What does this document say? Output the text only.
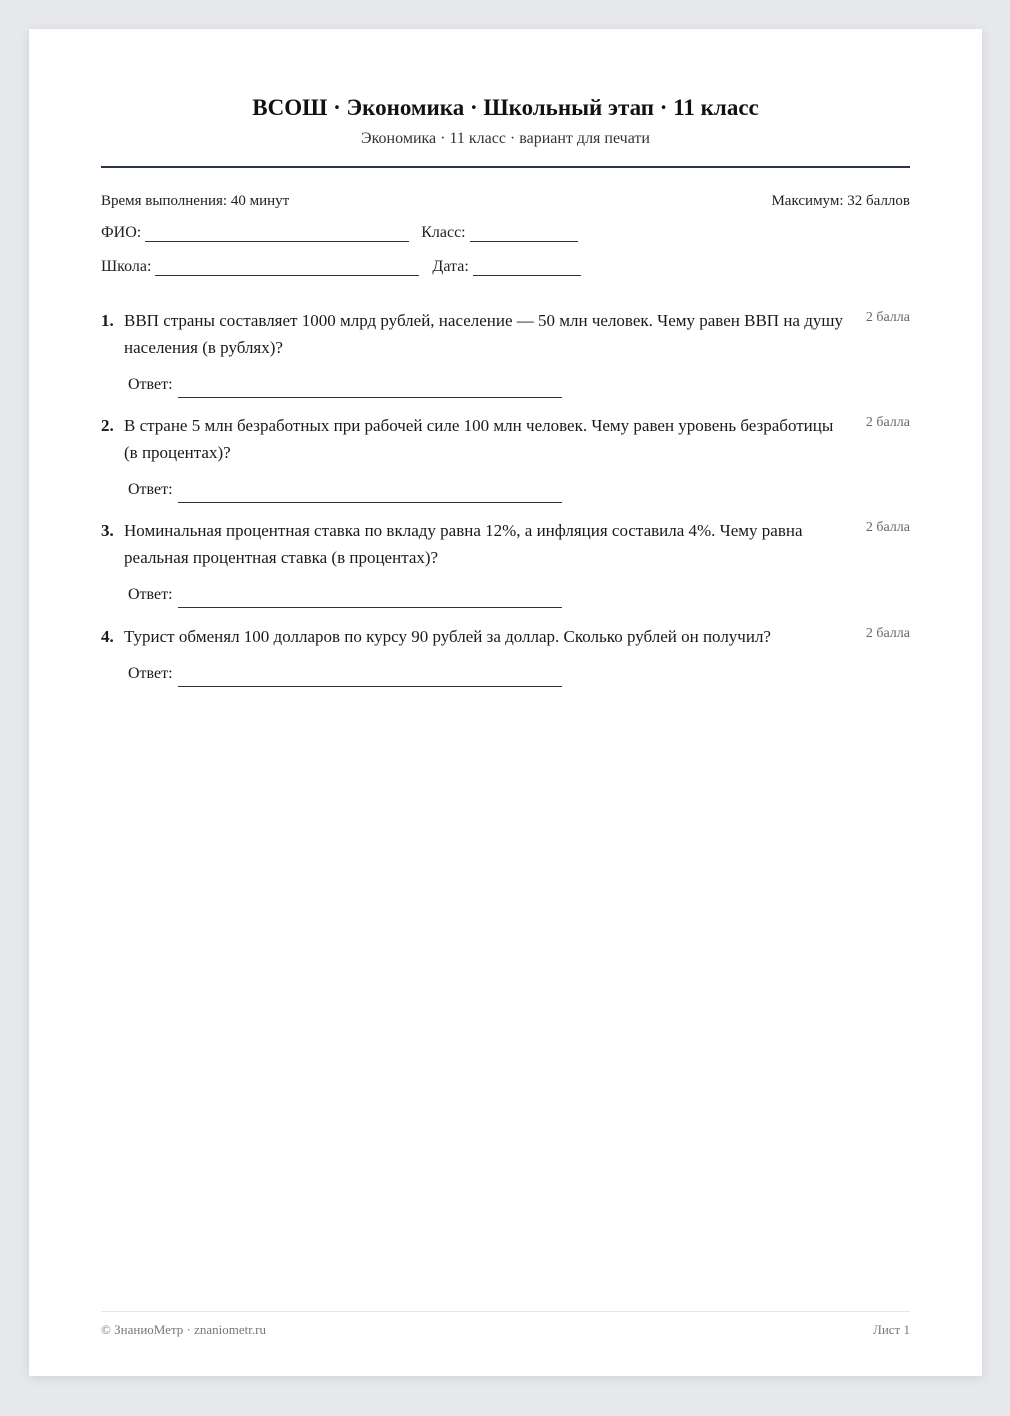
ВСОШ · Экономика · Школьный этап · 11 класс
Экономика · 11 класс · вариант для печати
Время выполнения: 40 минут	Максимум: 32 баллов
ФИО:	Класс:
Школа:	Дата:
1. ВВП страны составляет 1000 млрд рублей, население — 50 млн человек. Чему равен ВВП на душу населения (в рублях)?
2 балла
Ответ:
2. В стране 5 млн безработных при рабочей силе 100 млн человек. Чему равен уровень безработицы (в процентах)?
2 балла
Ответ:
3. Номинальная процентная ставка по вкладу равна 12%, а инфляция составила 4%. Чему равна реальная процентная ставка (в процентах)?
2 балла
Ответ:
4. Турист обменял 100 долларов по курсу 90 рублей за доллар. Сколько рублей он получил?	2 балла
Ответ:
© ЗнаниоМетр · znaniometr.ru	Лист 1
